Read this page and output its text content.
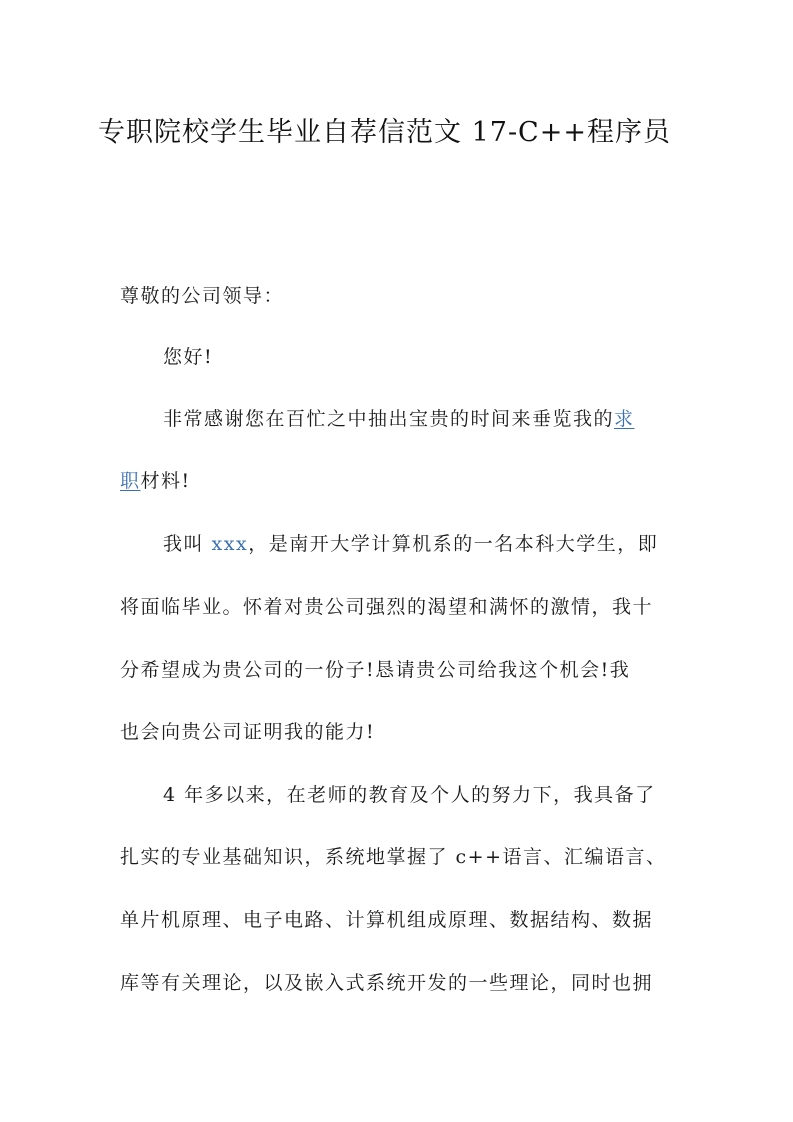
专职院校学生毕业自荐信范文 17-C++程序员
尊敬的公司领导：
您好!
非常感谢您在百忙之中抽出宝贵的时间来垂览我的求
职材料!
我叫 xxx，是南开大学计算机系的一名本科大学生，即
将面临毕业。怀着对贵公司强烈的渴望和满怀的激情，我十
分希望成为贵公司的一份子!恳请贵公司给我这个机会!我
也会向贵公司证明我的能力!
4 年多以来，在老师的教育及个人的努力下，我具备了
扎实的专业基础知识，系统地掌握了 c++语言、汇编语言、
单片机原理、电子电路、计算机组成原理、数据结构、数据
库等有关理论，以及嵌入式系统开发的一些理论，同时也拥
